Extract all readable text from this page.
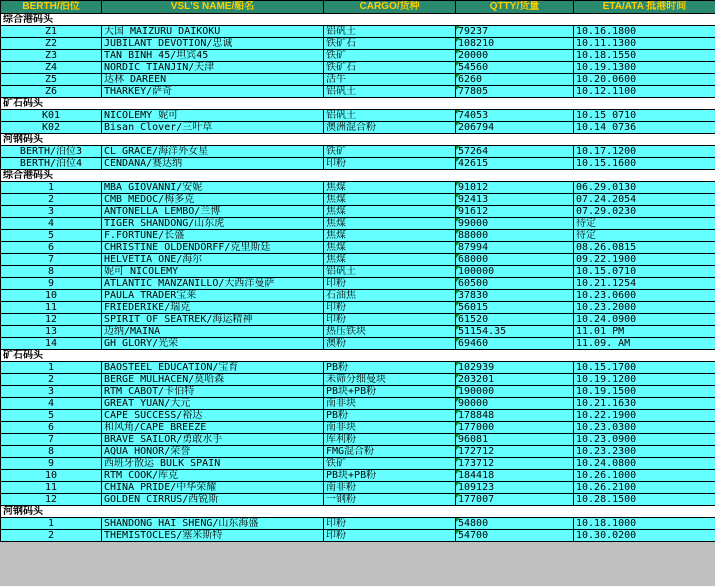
BERTH/泊位	VSL'S NAME/船名	CARGO/货种	QTTY/货量	ETA/ATA 抵港时间
综合港码头				
Z1	大国 MAIZURU DAIKOKU	铝矾土	79237	10.16.1800
Z2	JUBILANT DEVOTION/忠诚	铁矿石	108210	10.11.1300
Z3	TAN BINH 45/坦宾45	铁矿	20000	10.18.1550
Z4	NORDIC TIANJIN/天津	铁矿石	54560	10.19.1300
Z5	达林 DAREEN	活牛	6260	10.20.0600
Z6	THARKEY/萨奇	铝矾土	77805	10.12.1100
矿石码头				
K01	NICOLEMY 妮可	铝矾土	74053	10.15 0710
K02	Bisan Clover/三叶草	澳洲混合粉	206794	10.14 0736
河钢码头				
BERTH/泊位3	CL GRACE/海洋外女星	铁矿	57264	10.17.1200
BERTH/泊位4	CENDANA/赛达纳	印粉	42615	10.15.1600
综合港码头				
1	MBA GIOVANNI/安妮	焦煤	91012	06.29.0130
2	CMB MEDOC/梅多克	焦煤	92413	07.24.2054
3	ANTONELLA LEMBO/兰博	焦煤	91612	07.29.0230
4	TIGER SHANDONG/山东虎	焦煤	99000	待定
5	F.FORTUNE/长盛	焦煤	88000	待定
6	CHRISTINE OLDENDORFF/克里斯廷	焦煤	87994	08.26.0815
7	HELVETIA ONE/海尔	焦煤	68000	09.22.1900
8	妮可 NICOLEMY	铝矾土	100000	10.15.0710
9	ATLANTIC MANZANILLO/大西洋曼萨	印粉	60500	10.21.1254
10	PAULA TRADER宝莱	石油焦	37830	10.23.0600
11	FRIEDERIKE/瑞克	印粉	56015	10.23.2000
12	SPIRIT OF SEATREK/海运精神	印粉	61520	10.24.0900
13	迈纳/MAINA	热压铁块	51154.35	11.01 PM
14	GH GLORY/光荣	澳粉	69460	11.09. AM
矿石码头				
1	BAOSTEEL EDUCATION/宝育	PB粉	102939	10.15.1700
2	BERGE MULHACEN/莫哈森	未筛分细曼块	203201	10.19.1200
3	RTM CABOT/卡伯特	PB块+PB粉	190000	10.19.1500
4	GREAT YUAN/大元	南非块	90000	10.21.1630
5	CAPE SUCCESS/裕达	PB粉	178848	10.22.1900
6	和风角/CAPE BREEZE	南非块	177000	10.23.0300
7	BRAVE SAILOR/勇敢水手	库利粉	96081	10.23.0900
8	AQUA HONOR/荣誉	FMG混合粉	172712	10.23.2300
9	西班牙散运 BULK SPAIN	铁矿	173712	10.24.0800
10	RTM COOK/库克	PB块+PB粉	184418	10.26.1000
11	CHINA PRIDE/中华荣耀	南非粉	109123	10.26.2100
12	GOLDEN CIRRUS/西锐斯	一钢粉	177007	10.28.1500
河钢码头				
1	SHANDONG HAI SHENG/山东海盛	印粉	54800	10.18.1000
2	THEMISTOCLES/塞米斯特	印粉	54700	10.30.0200
